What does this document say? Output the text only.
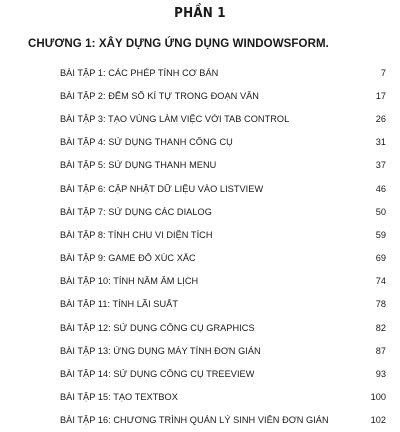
PHẦN 1
CHƯƠNG 1: XÂY DỰNG ỨNG DỤNG WINDOWSFORM.
BÀI TẬP 1: CÁC PHÉP TÍNH CƠ BẢN	7
BÀI TẬP 2: ĐẾM SỐ KÍ TỰ TRONG ĐOẠN VĂN	17
BÀI TẬP 3: TẠO VÙNG LÀM VIỆC VỚI TAB CONTROL	26
BÀI TẬP 4: SỬ DỤNG THANH CÔNG CỤ	31
BÀI TẬP 5: SỬ DỤNG THANH MENU	37
BÀI TẬP 6: CẬP NHẬT DỮ LIỆU VÀO LISTVIEW	46
BÀI TẬP 7: SỬ DỤNG CÁC DIALOG	50
BÀI TẬP 8: TÍNH CHU VI DIỆN TÍCH	59
BÀI TẬP 9: GAME ĐỔ XÚC XẮC	69
BÀI TẬP 10: TÍNH NĂM ÂM LỊCH	74
BÀI TẬP 11: TÍNH LÃI SUẤT	78
BÀI TẬP 12: SỬ DỤNG CÔNG CỤ GRAPHICS	82
BÀI TẬP 13: ỨNG DỤNG MÁY TÍNH ĐƠN GIẢN	87
BÀI TẬP 14: SỬ DỤNG CÔNG CỤ TREEVIEW	93
BÀI TẬP 15: TẠO TEXTBOX	100
BÀI TẬP 16: CHƯƠNG TRÌNH QUẢN LÝ SINH VIÊN ĐƠN GIẢN	102
